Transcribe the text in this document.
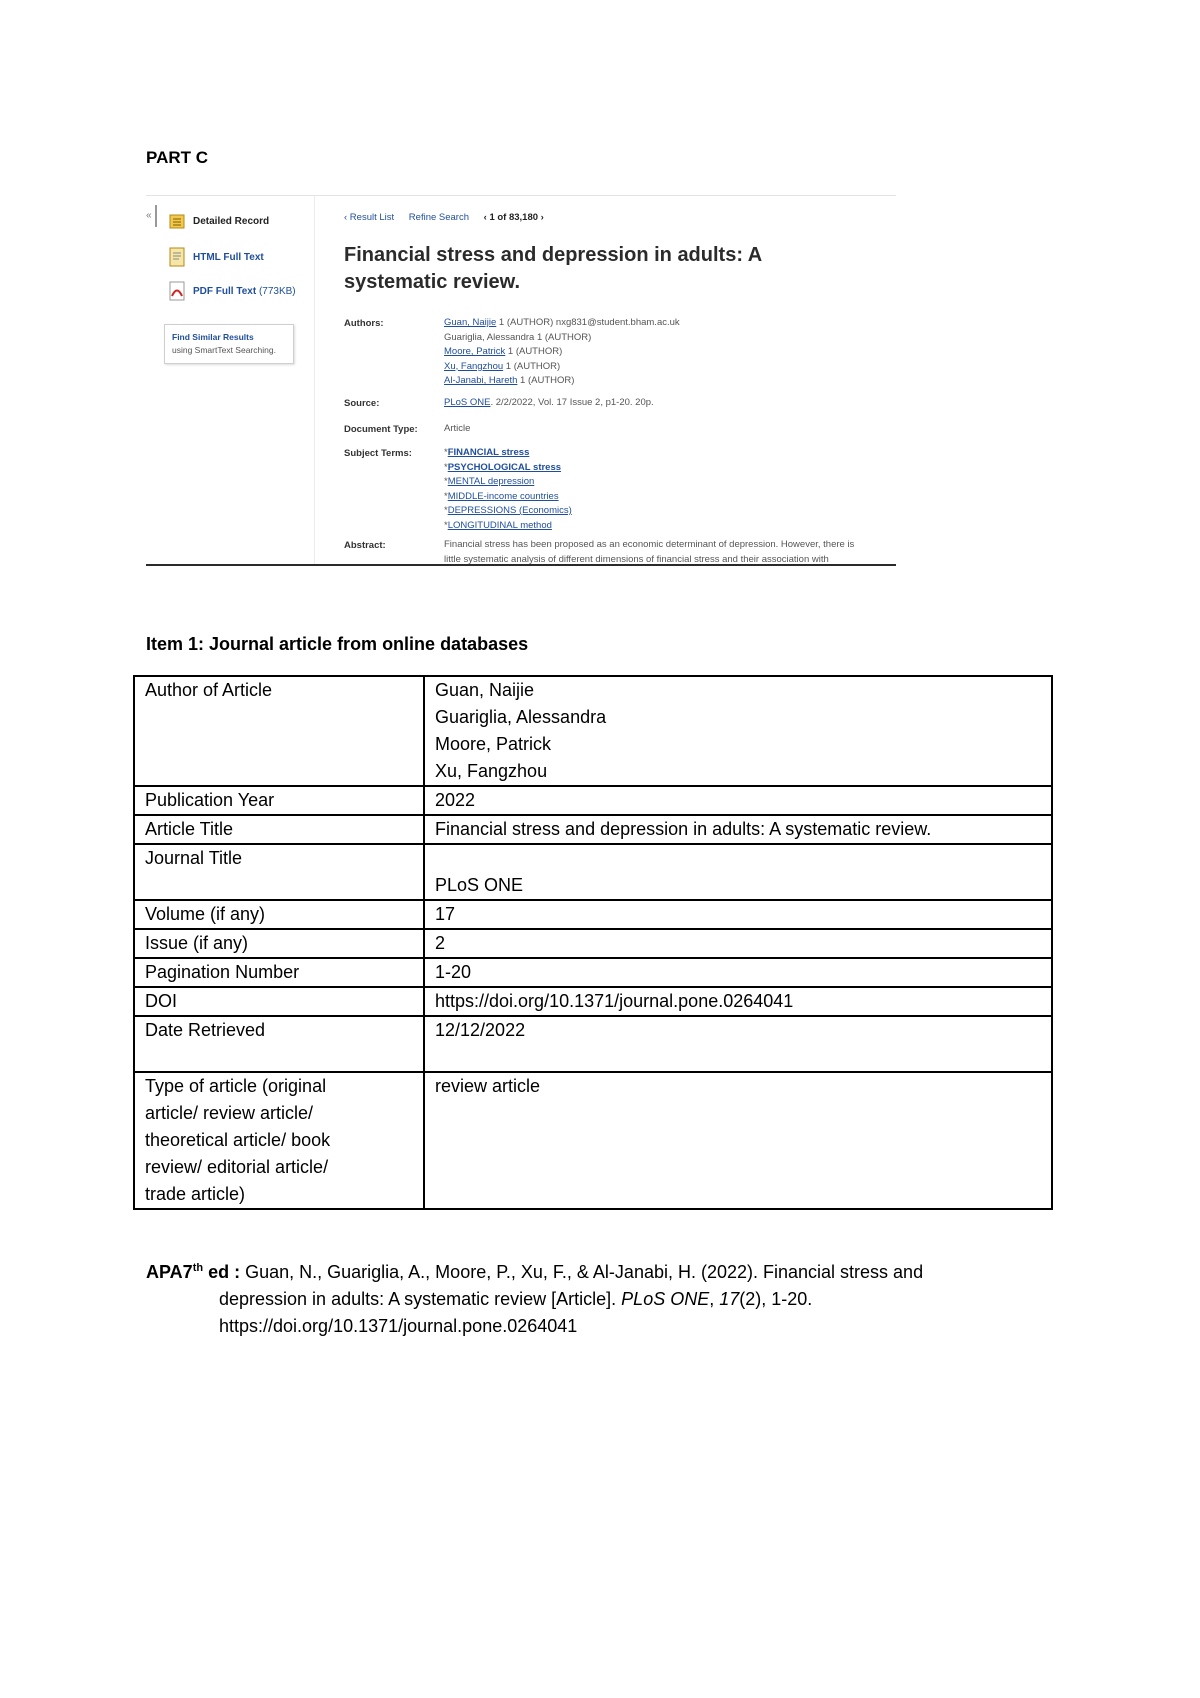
PART C
«	Detailed Record
HTML Full Text
PDF Full Text (773KB)
Find Similar Results
using SmartText Searching.
‹ Result List Refine Search ‹ 1 of 83,180 ›
Financial stress and depression in adults: A
systematic review.
Authors:	Guan, Naijie 1 (AUTHOR) nxg831@student.bham.ac.uk
Guariglia, Alessandra 1 (AUTHOR)
Moore, Patrick 1 (AUTHOR)
Xu, Fangzhou 1 (AUTHOR)
Al-Janabi, Hareth 1 (AUTHOR)
Source:	PLoS ONE. 2/2/2022, Vol. 17 Issue 2, p1-20. 20p.
Document Type:	Article
Subject Terms:	*FINANCIAL stress
*PSYCHOLOGICAL stress
*MENTAL depression
*MIDDLE-income countries
*DEPRESSIONS (Economics)
*LONGITUDINAL method
Abstract:	Financial stress has been proposed as an economic determinant of depression. However, there is
little systematic analysis of different dimensions of financial stress and their association with
Item 1: Journal article from online databases
Author of Article	Guan, Naijie
Guariglia, Alessandra
Moore, Patrick
Xu, Fangzhou

Publication Year	2022
Article Title	Financial stress and depression in adults: A systematic review.

Journal Title	PLoS ONE

Volume (if any)	17
Issue (if any)	2
Pagination Number	1-20
DOI	https://doi.org/10.1371/journal.pone.0264041

Date Retrieved	12/12/2022

Type of article (original
article/ review article/
theoretical article/ book
review/ editorial article/
trade article)	review article
APA7th ed : Guan, N., Guariglia, A., Moore, P., Xu, F., & Al-Janabi, H. (2022). Financial stress and
depression in adults: A systematic review [Article]. PLoS ONE, 17(2), 1-20.
https://doi.org/10.1371/journal.pone.0264041
